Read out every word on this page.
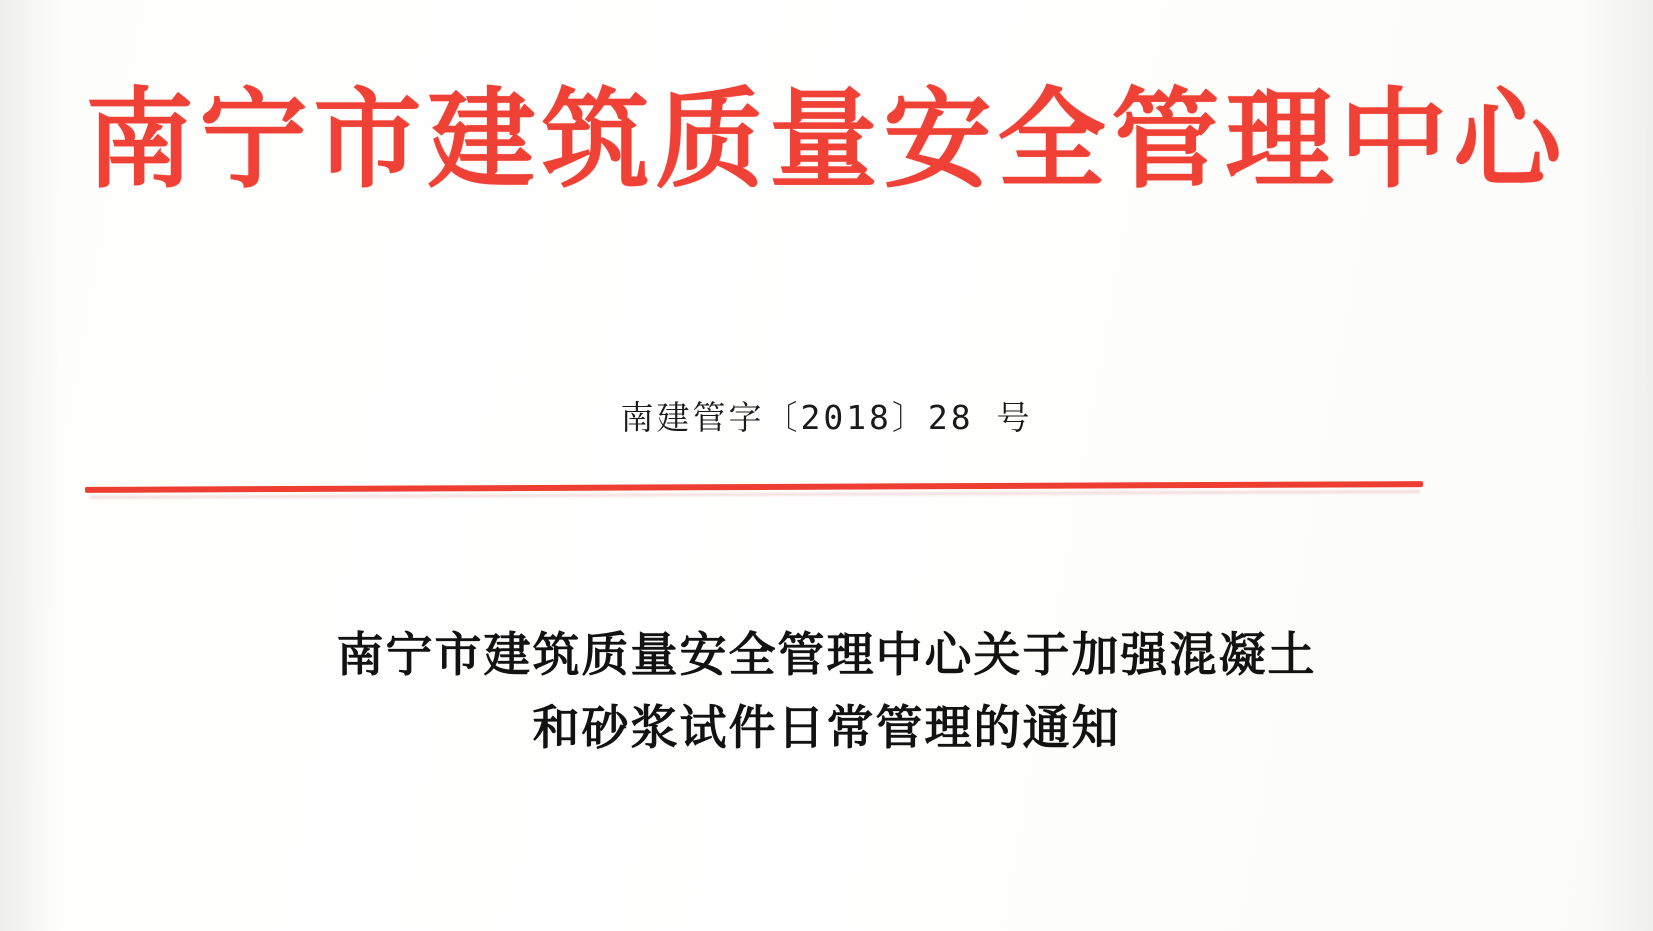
南宁市建筑质量安全管理中心
南建管字〔2018〕28 号
南宁市建筑质量安全管理中心关于加强混凝土
和砂浆试件日常管理的通知
